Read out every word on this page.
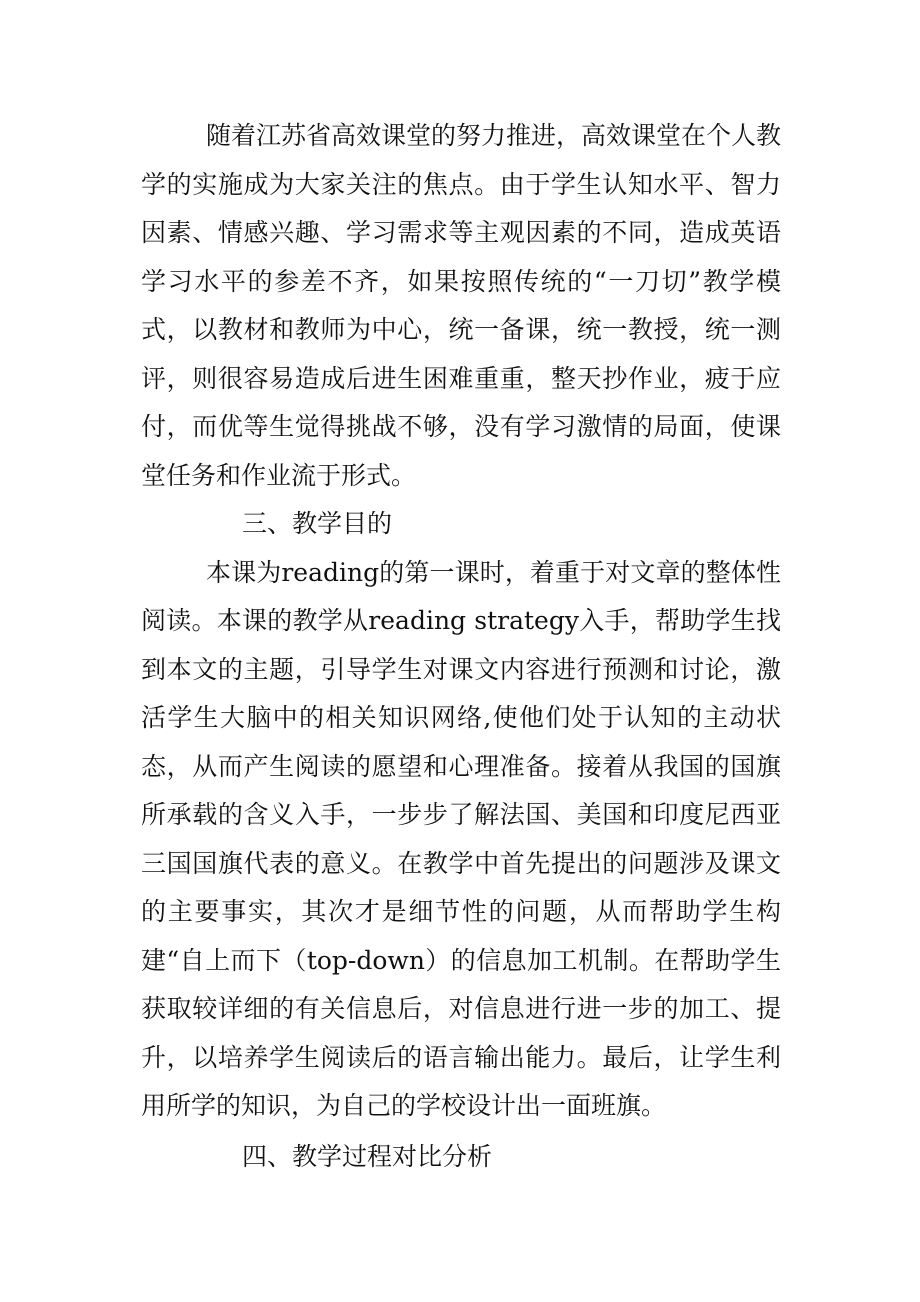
随着江苏省高效课堂的努力推进，高效课堂在个人教学的实施成为大家关注的焦点。由于学生认知水平、智力因素、情感兴趣、学习需求等主观因素的不同，造成英语学习水平的参差不齐，如果按照传统的“一刀切”教学模式，以教材和教师为中心，统一备课，统一教授，统一测评，则很容易造成后进生困难重重，整天抄作业，疲于应付，而优等生觉得挑战不够，没有学习激情的局面，使课堂任务和作业流于形式。

三、教学目的

本课为reading的第一课时，着重于对文章的整体性阅读。本课的教学从reading strategy入手，帮助学生找到本文的主题，引导学生对课文内容进行预测和讨论，激活学生大脑中的相关知识网络,使他们处于认知的主动状态，从而产生阅读的愿望和心理准备。接着从我国的国旗所承载的含义入手，一步步了解法国、美国和印度尼西亚三国国旗代表的意义。在教学中首先提出的问题涉及课文的主要事实，其次才是细节性的问题，从而帮助学生构建“自上而下（top-down）的信息加工机制。在帮助学生获取较详细的有关信息后，对信息进行进一步的加工、提升，以培养学生阅读后的语言输出能力。最后，让学生利用所学的知识，为自己的学校设计出一面班旗。

四、教学过程对比分析
